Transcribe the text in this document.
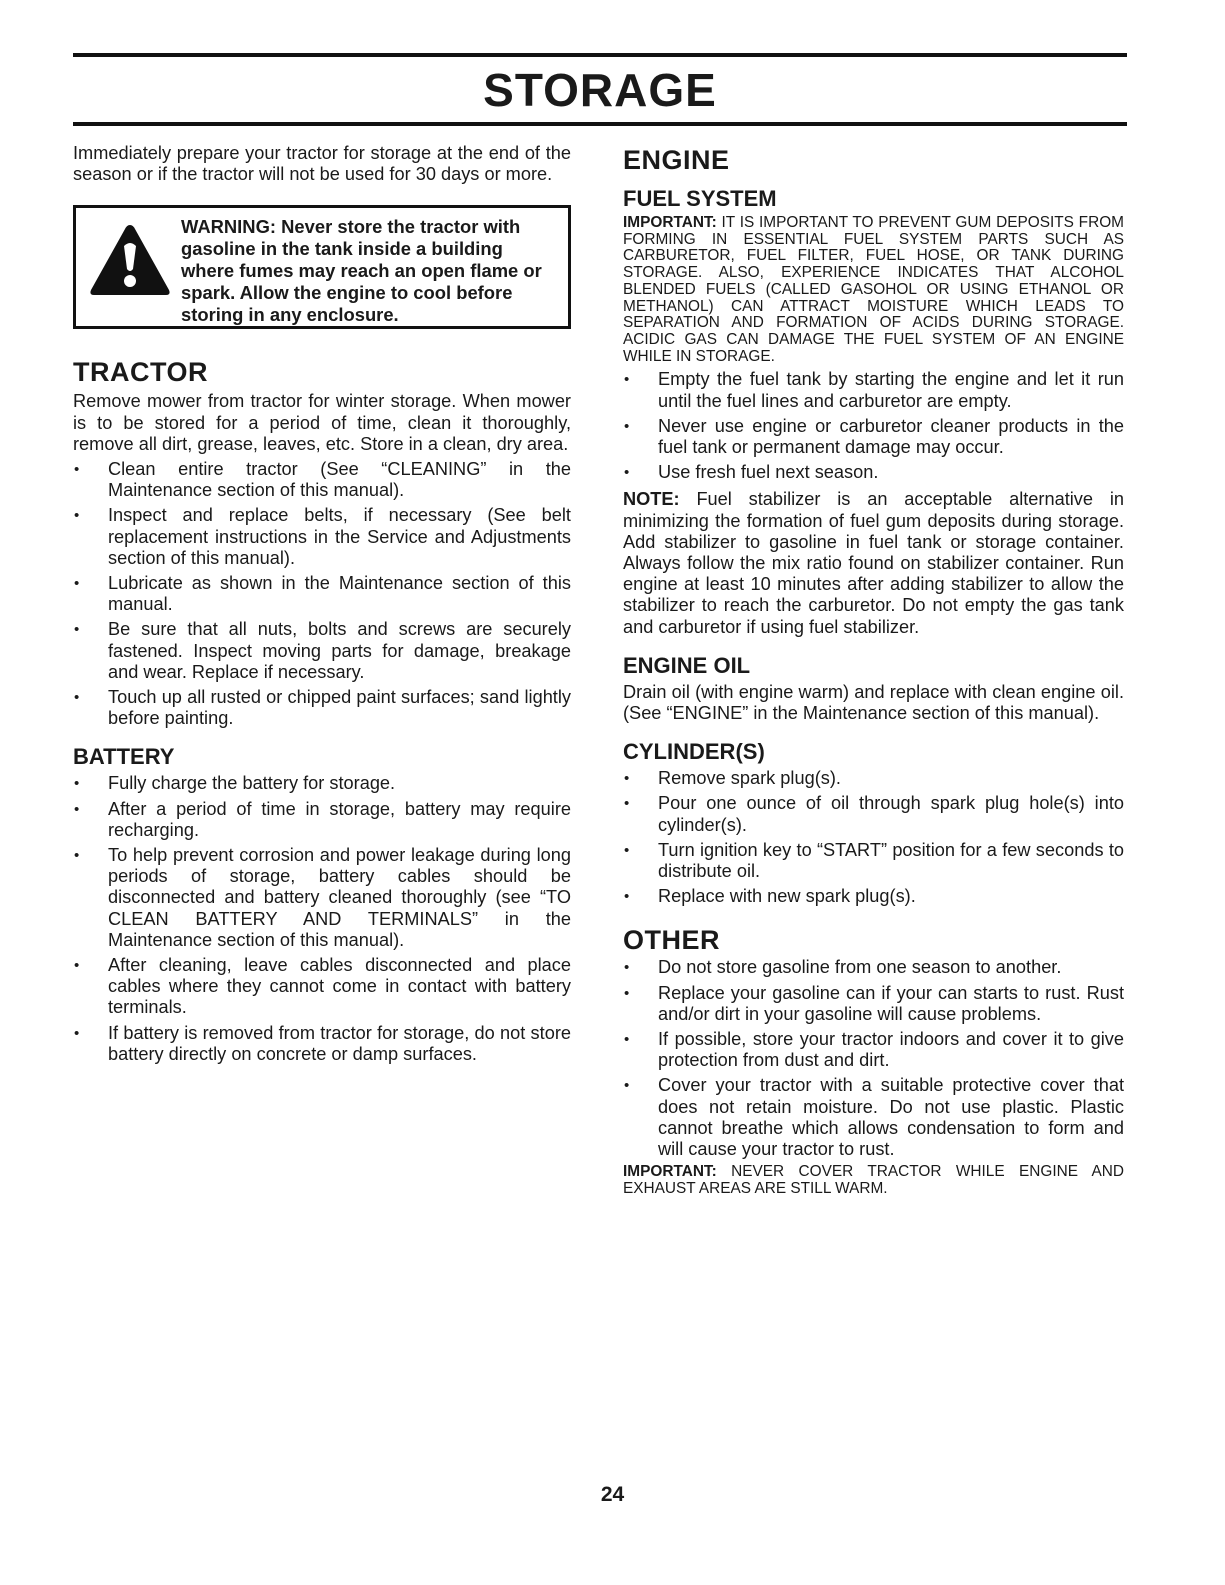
STORAGE

Immediately prepare your tractor for storage at the end of the season or if the tractor will not be used for 30 days or more.

WARNING: Never store the tractor with gasoline in the tank inside a building where fumes may reach an open flame or spark. Allow the engine to cool before storing in any enclosure.
TRACTOR

Remove mower from tractor for winter storage. When mower is to be stored for a period of time, clean it thoroughly, remove all dirt, grease, leaves, etc. Store in a clean, dry area.

• Clean entire tractor (See “CLEANING” in the Maintenance section of this manual).
• Inspect and replace belts, if necessary (See belt replacement instructions in the Service and Adjustments section of this manual).
• Lubricate as shown in the Maintenance section of this manual.
• Be sure that all nuts, bolts and screws are securely fastened. Inspect moving parts for damage, breakage and wear. Replace if necessary.
• Touch up all rusted or chipped paint surfaces; sand lightly before painting.
BATTERY
• Fully charge the battery for storage.
• After a period of time in storage, battery may require recharging.
• To help prevent corrosion and power leakage during long periods of storage, battery cables should be disconnected and battery cleaned thoroughly (see “TO CLEAN BATTERY AND TERMINALS” in the Maintenance section of this manual).
• After cleaning, leave cables disconnected and place cables where they cannot come in contact with battery terminals.
• If battery is removed from tractor for storage, do not store battery directly on concrete or damp surfaces.
ENGINE
FUEL SYSTEM

IMPORTANT: IT IS IMPORTANT TO PREVENT GUM DEPOSITS FROM FORMING IN ESSENTIAL FUEL SYSTEM PARTS SUCH AS CARBURETOR, FUEL FILTER, FUEL HOSE, OR TANK DURING STORAGE. ALSO, EXPERIENCE INDICATES THAT ALCOHOL BLENDED FUELS (CALLED GASOHOL OR USING ETHANOL OR METHANOL) CAN ATTRACT MOISTURE WHICH LEADS TO SEPARATION AND FORMATION OF ACIDS DURING STORAGE. ACIDIC GAS CAN DAMAGE THE FUEL SYSTEM OF AN ENGINE WHILE IN STORAGE.

• Empty the fuel tank by starting the engine and let it run until the fuel lines and carburetor are empty.
• Never use engine or carburetor cleaner products in the fuel tank or permanent damage may occur.
• Use fresh fuel next season.

NOTE: Fuel stabilizer is an acceptable alternative in minimizing the formation of fuel gum deposits during storage. Add stabilizer to gasoline in fuel tank or storage container. Always follow the mix ratio found on stabilizer container. Run engine at least 10 minutes after adding stabilizer to allow the stabilizer to reach the carburetor. Do not empty the gas tank and carburetor if using fuel stabilizer.

ENGINE OIL

Drain oil (with engine warm) and replace with clean engine oil. (See “ENGINE” in the Maintenance section of this manual).

CYLINDER(S)
• Remove spark plug(s).
• Pour one ounce of oil through spark plug hole(s) into cylinder(s).
• Turn ignition key to “START” position for a few seconds to distribute oil.
• Replace with new spark plug(s).
OTHER
• Do not store gasoline from one season to another.
• Replace your gasoline can if your can starts to rust. Rust and/or dirt in your gasoline will cause problems.
• If possible, store your tractor indoors and cover it to give protection from dust and dirt.
• Cover your tractor with a suitable protective cover that does not retain moisture. Do not use plastic. Plastic cannot breathe which allows condensation to form and will cause your tractor to rust.

IMPORTANT: NEVER COVER TRACTOR WHILE ENGINE AND EXHAUST AREAS ARE STILL WARM.

24
